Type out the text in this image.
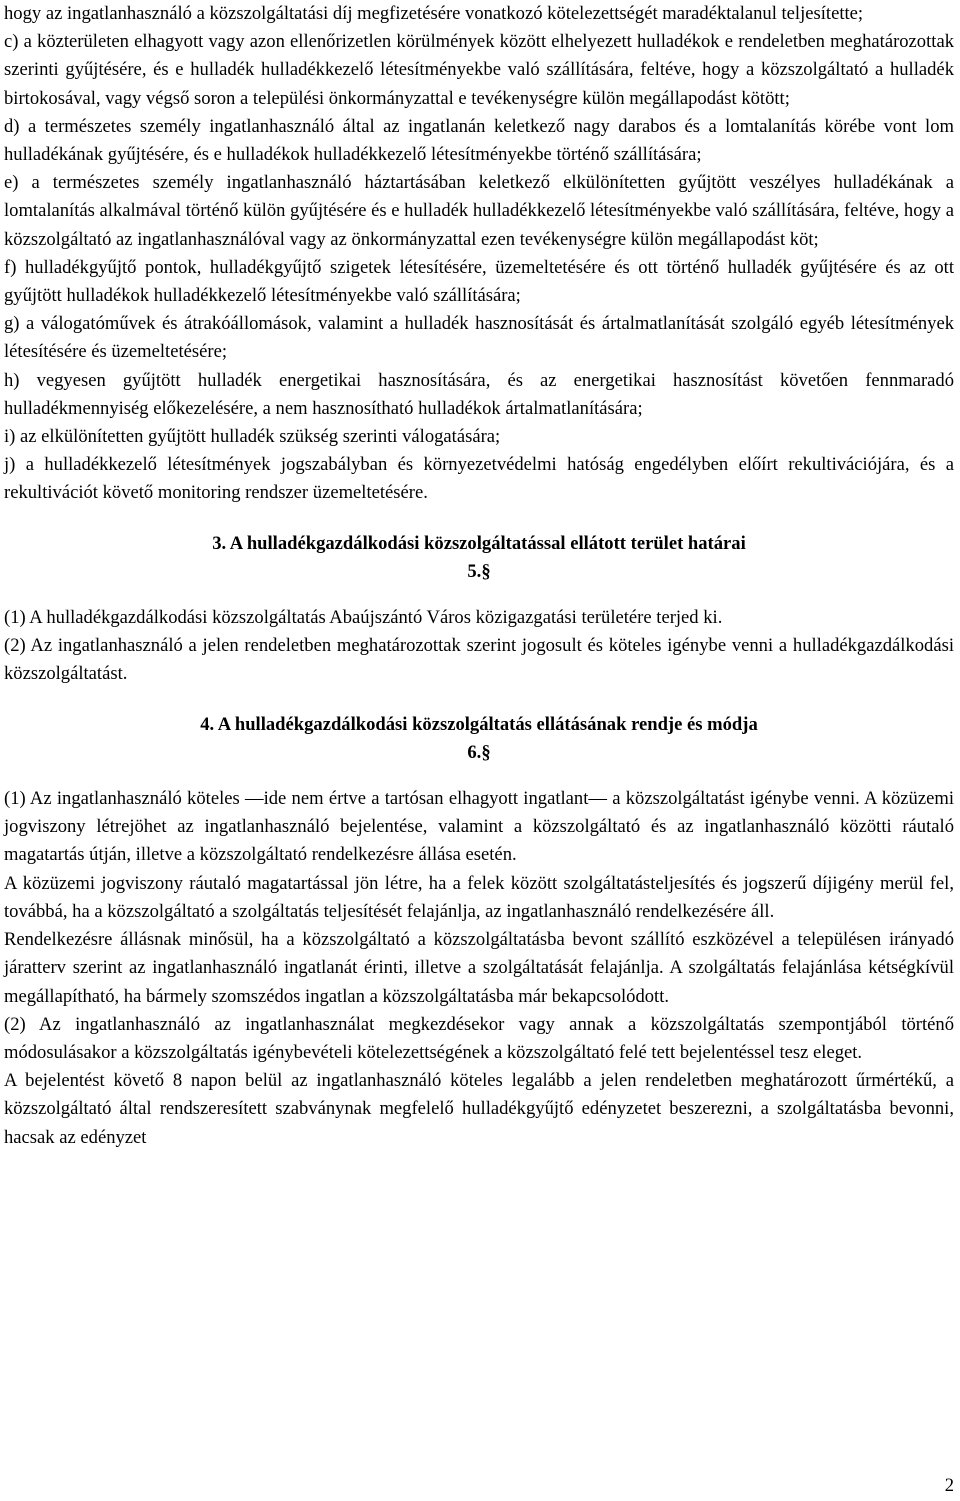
hogy az ingatlanhasználó a közszolgáltatási díj megfizetésére vonatkozó kötelezettségét maradéktalanul teljesítette;

c) a közterületen elhagyott vagy azon ellenőrizetlen körülmények között elhelyezett hulladékok e rendeletben meghatározottak szerinti gyűjtésére, és e hulladék hulladékkezelő létesítményekbe való szállítására, feltéve, hogy a közszolgáltató a hulladék birtokosával, vagy végső soron a települési önkormányzattal e tevékenységre külön megállapodást kötött;

d) a természetes személy ingatlanhasználó által az ingatlanán keletkező nagy darabos és a lomtalanítás körébe vont lom hulladékának gyűjtésére, és e hulladékok hulladékkezelő létesítményekbe történő szállítására;

e) a természetes személy ingatlanhasználó háztartásában keletkező elkülönítetten gyűjtött veszélyes hulladékának a lomtalanítás alkalmával történő külön gyűjtésére és e hulladék hulladékkezelő létesítményekbe való szállítására, feltéve, hogy a közszolgáltató az ingatlanhasználóval vagy az önkormányzattal ezen tevékenységre külön megállapodást köt;

f) hulladékgyűjtő pontok, hulladékgyűjtő szigetek létesítésére, üzemeltetésére és ott történő hulladék gyűjtésére és az ott gyűjtött hulladékok hulladékkezelő létesítményekbe való szállítására;

g) a válogatóművek és átrakóállomások, valamint a hulladék hasznosítását és ártalmatlanítását szolgáló egyéb létesítmények létesítésére és üzemeltetésére;

h) vegyesen gyűjtött hulladék energetikai hasznosítására, és az energetikai hasznosítást követően fennmaradó hulladékmennyiség előkezelésére, a nem hasznosítható hulladékok ártalmatlanítására;

i) az elkülönítetten gyűjtött hulladék szükség szerinti válogatására;

j) a hulladékkezelő létesítmények jogszabályban és környezetvédelmi hatóság engedélyben előírt rekultivációjára, és a rekultivációt követő monitoring rendszer üzemeltetésére.

3. A hulladékgazdálkodási közszolgáltatással ellátott terület határai

5.§

(1) A hulladékgazdálkodási közszolgáltatás Abaújszántó Város közigazgatási területére terjed ki.

(2) Az ingatlanhasználó a jelen rendeletben meghatározottak szerint jogosult és köteles igénybe venni a hulladékgazdálkodási közszolgáltatást.

4. A hulladékgazdálkodási közszolgáltatás ellátásának rendje és módja

6.§

(1) Az ingatlanhasználó köteles ―ide nem értve a tartósan elhagyott ingatlant― a közszolgáltatást igénybe venni. A közüzemi jogviszony létrejöhet az ingatlanhasználó bejelentése, valamint a közszolgáltató és az ingatlanhasználó közötti ráutaló magatartás útján, illetve a közszolgáltató rendelkezésre állása esetén.

A közüzemi jogviszony ráutaló magatartással jön létre, ha a felek között szolgáltatásteljesítés és jogszerű díjigény merül fel, továbbá, ha a közszolgáltató a szolgáltatás teljesítését felajánlja, az ingatlanhasználó rendelkezésére áll.

Rendelkezésre állásnak minősül, ha a közszolgáltató a közszolgáltatásba bevont szállító eszközével a településen irányadó járatterv szerint az ingatlanhasználó ingatlanát érinti, illetve a szolgáltatását felajánlja. A szolgáltatás felajánlása kétségkívül megállapítható, ha bármely szomszédos ingatlan a közszolgáltatásba már bekapcsolódott.

(2) Az ingatlanhasználó az ingatlanhasználat megkezdésekor vagy annak a közszolgáltatás szempontjából történő módosulásakor a közszolgáltatás igénybevételi kötelezettségének a közszolgáltató felé tett bejelentéssel tesz eleget.

A bejelentést követő 8 napon belül az ingatlanhasználó köteles legalább a jelen rendeletben meghatározott űrmértékű, a közszolgáltató által rendszeresített szabványnak megfelelő hulladékgyűjtő edényzetet beszerezni, a szolgáltatásba bevonni, hacsak az edényzet

2
